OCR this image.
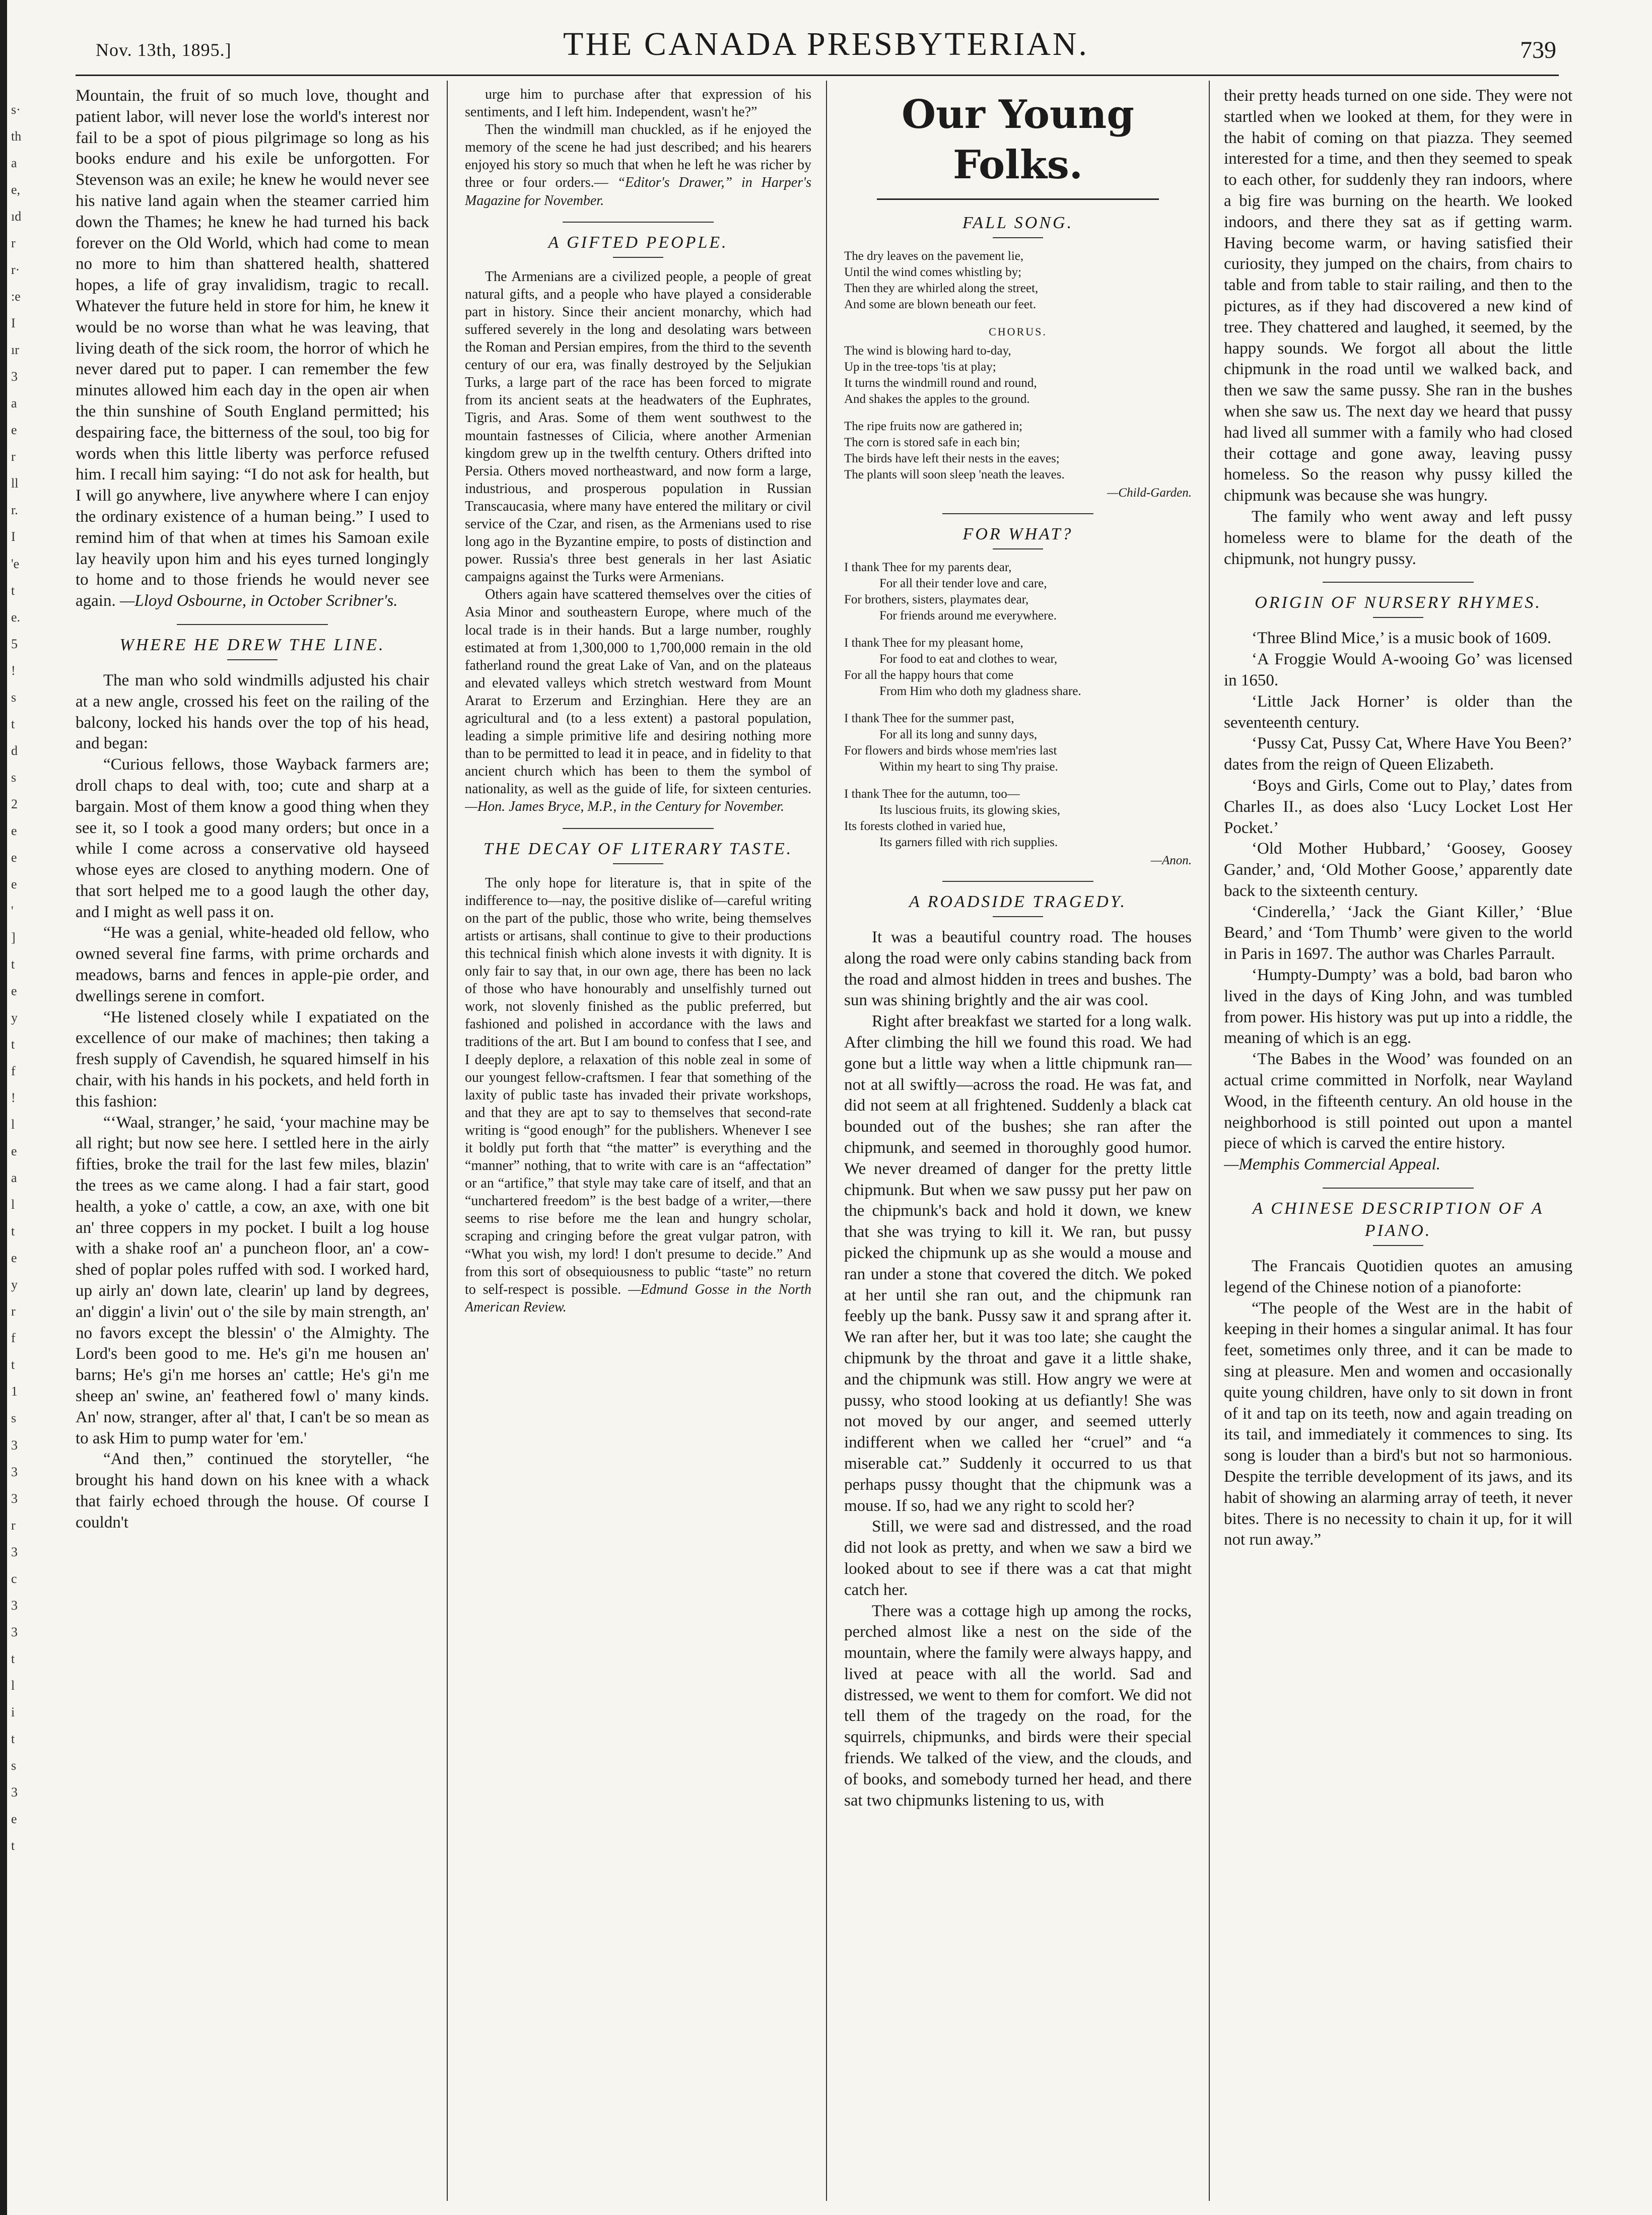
s·
th
a
e,
ıd
r
r·
:e
I
ır
3
a
e
r
ll
r.
I
'e
t
e.
5
!
s
t
d
s
2
e
e
e
'
]
t
e
y
t
f
!
l
e
a
l
t
e
y
r
f
t
1
s
3
3
3
r
3
c
3
3
t
l
i
t
s
3
e
t
Nov. 13th, 1895.]	THE CANADA PRESBYTERIAN.	739

Mountain, the fruit of so much love, thought and patient labor, will never lose the world's interest nor fail to be a spot of pious pilgrimage so long as his books endure and his exile be unforgotten. For Stevenson was an exile; he knew he would never see his native land again when the steamer carried him down the Thames; he knew he had turned his back forever on the Old World, which had come to mean no more to him than shattered health, shattered hopes, a life of gray invalidism, tragic to recall. Whatever the future held in store for him, he knew it would be no worse than what he was leaving, that living death of the sick room, the horror of which he never dared put to paper. I can remember the few minutes allowed him each day in the open air when the thin sunshine of South England permitted; his despairing face, the bitterness of the soul, too big for words when this little liberty was perforce refused him. I recall him saying: “I do not ask for health, but I will go anywhere, live anywhere where I can enjoy the ordinary existence of a human being.” I used to remind him of that when at times his Samoan exile lay heavily upon him and his eyes turned longingly to home and to those friends he would never see again. —Lloyd Osbourne, in October Scribner's.

WHERE HE DREW THE LINE.

The man who sold windmills adjusted his chair at a new angle, crossed his feet on the railing of the balcony, locked his hands over the top of his head, and began:

“Curious fellows, those Wayback farmers are; droll chaps to deal with, too; cute and sharp at a bargain. Most of them know a good thing when they see it, so I took a good many orders; but once in a while I come across a conservative old hayseed whose eyes are closed to anything modern. One of that sort helped me to a good laugh the other day, and I might as well pass it on.

“He was a genial, white-headed old fellow, who owned several fine farms, with prime orchards and meadows, barns and fences in apple-pie order, and dwellings serene in comfort.

“He listened closely while I expatiated on the excellence of our make of machines; then taking a fresh supply of Cavendish, he squared himself in his chair, with his hands in his pockets, and held forth in this fashion:

“‘Waal, stranger,’ he said, ‘your machine may be all right; but now see here. I settled here in the airly fifties, broke the trail for the last few miles, blazin' the trees as we came along. I had a fair start, good health, a yoke o' cattle, a cow, an axe, with one bit an' three coppers in my pocket. I built a log house with a shake roof an' a puncheon floor, an' a cow-shed of poplar poles ruffed with sod. I worked hard, up airly an' down late, clearin' up land by degrees, an' diggin' a livin' out o' the sile by main strength, an' no favors except the blessin' o' the Almighty. The Lord's been good to me. He's gi'n me housen an' barns; He's gi'n me horses an' cattle; He's gi'n me sheep an' swine, an' feathered fowl o' many kinds. An' now, stranger, after al' that, I can't be so mean as to ask Him to pump water for 'em.'

“And then,” continued the storyteller, “he brought his hand down on his knee with a whack that fairly echoed through the house. Of course I couldn't

urge him to purchase after that expression of his sentiments, and I left him. Independent, wasn't he?”

Then the windmill man chuckled, as if he enjoyed the memory of the scene he had just described; and his hearers enjoyed his story so much that when he left he was richer by three or four orders.— “Editor's Drawer,” in Harper's Magazine for November.

A GIFTED PEOPLE.

The Armenians are a civilized people, a people of great natural gifts, and a people who have played a considerable part in history. Since their ancient monarchy, which had suffered severely in the long and desolating wars between the Roman and Persian empires, from the third to the seventh century of our era, was finally destroyed by the Seljukian Turks, a large part of the race has been forced to migrate from its ancient seats at the headwaters of the Euphrates, Tigris, and Aras. Some of them went southwest to the mountain fastnesses of Cilicia, where another Armenian kingdom grew up in the twelfth century. Others drifted into Persia. Others moved northeastward, and now form a large, industrious, and prosperous population in Russian Transcaucasia, where many have entered the military or civil service of the Czar, and risen, as the Armenians used to rise long ago in the Byzantine empire, to posts of distinction and power. Russia's three best generals in her last Asiatic campaigns against the Turks were Armenians.

Others again have scattered themselves over the cities of Asia Minor and southeastern Europe, where much of the local trade is in their hands. But a large number, roughly estimated at from 1,300,000 to 1,700,000 remain in the old fatherland round the great Lake of Van, and on the plateaus and elevated valleys which stretch westward from Mount Ararat to Erzerum and Erzinghian. Here they are an agricultural and (to a less extent) a pastoral population, leading a simple primitive life and desiring nothing more than to be permitted to lead it in peace, and in fidelity to that ancient church which has been to them the symbol of nationality, as well as the guide of life, for sixteen centuries. —Hon. James Bryce, M.P., in the Century for November.

THE DECAY OF LITERARY TASTE.

The only hope for literature is, that in spite of the indifference to—nay, the positive dislike of—careful writing on the part of the public, those who write, being themselves artists or artisans, shall continue to give to their productions this technical finish which alone invests it with dignity. It is only fair to say that, in our own age, there has been no lack of those who have honourably and unselfishly turned out work, not slovenly finished as the public preferred, but fashioned and polished in accordance with the laws and traditions of the art. But I am bound to confess that I see, and I deeply deplore, a relaxation of this noble zeal in some of our youngest fellow-craftsmen. I fear that something of the laxity of public taste has invaded their private workshops, and that they are apt to say to themselves that second-rate writing is “good enough” for the publishers. Whenever I see it boldly put forth that “the matter” is everything and the “manner” nothing, that to write with care is an “affectation” or an “artifice,” that style may take care of itself, and that an “unchartered freedom” is the best badge of a writer,—there seems to rise before me the lean and hungry scholar, scraping and cringing before the great vulgar patron, with “What you wish, my lord! I don't presume to decide.” And from this sort of obsequiousness to public “taste” no return to self-respect is possible. —Edmund Gosse in the North American Review.

Our Young Folks.

FALL SONG.

The dry leaves on the pavement lie,
Until the wind comes whistling by;
Then they are whirled along the street,
And some are blown beneath our feet.
CHORUS.
The wind is blowing hard to-day,
Up in the tree-tops 'tis at play;
It turns the windmill round and round,
And shakes the apples to the ground.
The ripe fruits now are gathered in;
The corn is stored safe in each bin;
The birds have left their nests in the eaves;
The plants will soon sleep 'neath the leaves.
—Child-Garden.

FOR WHAT?

I thank Thee for my parents dear,
For all their tender love and care,
For brothers, sisters, playmates dear,
For friends around me everywhere.
I thank Thee for my pleasant home,
For food to eat and clothes to wear,
For all the happy hours that come
From Him who doth my gladness share.
I thank Thee for the summer past,
For all its long and sunny days,
For flowers and birds whose mem'ries last
Within my heart to sing Thy praise.
I thank Thee for the autumn, too—
Its luscious fruits, its glowing skies,
Its forests clothed in varied hue,
Its garners filled with rich supplies.
—Anon.

A ROADSIDE TRAGEDY.

It was a beautiful country road. The houses along the road were only cabins standing back from the road and almost hidden in trees and bushes. The sun was shining brightly and the air was cool.

Right after breakfast we started for a long walk. After climbing the hill we found this road. We had gone but a little way when a little chipmunk ran—not at all swiftly—across the road. He was fat, and did not seem at all frightened. Suddenly a black cat bounded out of the bushes; she ran after the chipmunk, and seemed in thoroughly good humor. We never dreamed of danger for the pretty little chipmunk. But when we saw pussy put her paw on the chipmunk's back and hold it down, we knew that she was trying to kill it. We ran, but pussy picked the chipmunk up as she would a mouse and ran under a stone that covered the ditch. We poked at her until she ran out, and the chipmunk ran feebly up the bank. Pussy saw it and sprang after it. We ran after her, but it was too late; she caught the chipmunk by the throat and gave it a little shake, and the chipmunk was still. How angry we were at pussy, who stood looking at us defiantly! She was not moved by our anger, and seemed utterly indifferent when we called her “cruel” and “a miserable cat.” Suddenly it occurred to us that perhaps pussy thought that the chipmunk was a mouse. If so, had we any right to scold her?

Still, we were sad and distressed, and the road did not look as pretty, and when we saw a bird we looked about to see if there was a cat that might catch her.

There was a cottage high up among the rocks, perched almost like a nest on the side of the mountain, where the family were always happy, and lived at peace with all the world. Sad and distressed, we went to them for comfort. We did not tell them of the tragedy on the road, for the squirrels, chipmunks, and birds were their special friends. We talked of the view, and the clouds, and of books, and somebody turned her head, and there sat two chipmunks listening to us, with

their pretty heads turned on one side. They were not startled when we looked at them, for they were in the habit of coming on that piazza. They seemed interested for a time, and then they seemed to speak to each other, for suddenly they ran indoors, where a big fire was burning on the hearth. We looked indoors, and there they sat as if getting warm. Having become warm, or having satisfied their curiosity, they jumped on the chairs, from chairs to table and from table to stair railing, and then to the pictures, as if they had discovered a new kind of tree. They chattered and laughed, it seemed, by the happy sounds. We forgot all about the little chipmunk in the road until we walked back, and then we saw the same pussy. She ran in the bushes when she saw us. The next day we heard that pussy had lived all summer with a family who had closed their cottage and gone away, leaving pussy homeless. So the reason why pussy killed the chipmunk was because she was hungry.

The family who went away and left pussy homeless were to blame for the death of the chipmunk, not hungry pussy.

ORIGIN OF NURSERY RHYMES.

‘Three Blind Mice,’ is a music book of 1609.

‘A Froggie Would A-wooing Go’ was licensed in 1650.

‘Little Jack Horner’ is older than the seventeenth century.

‘Pussy Cat, Pussy Cat, Where Have You Been?’ dates from the reign of Queen Elizabeth.

‘Boys and Girls, Come out to Play,’ dates from Charles II., as does also ‘Lucy Locket Lost Her Pocket.’

‘Old Mother Hubbard,’ ‘Goosey, Goosey Gander,’ and, ‘Old Mother Goose,’ apparently date back to the sixteenth century.

‘Cinderella,’ ‘Jack the Giant Killer,’ ‘Blue Beard,’ and ‘Tom Thumb’ were given to the world in Paris in 1697. The author was Charles Parrault.

‘Humpty-Dumpty’ was a bold, bad baron who lived in the days of King John, and was tumbled from power. His history was put up into a riddle, the meaning of which is an egg.

‘The Babes in the Wood’ was founded on an actual crime committed in Norfolk, near Wayland Wood, in the fifteenth century. An old house in the neighborhood is still pointed out upon a mantel piece of which is carved the entire history.

—Memphis Commercial Appeal.

A CHINESE DESCRIPTION OF A PIANO.

The Francais Quotidien quotes an amusing legend of the Chinese notion of a pianoforte:

“The people of the West are in the habit of keeping in their homes a singular animal. It has four feet, sometimes only three, and it can be made to sing at pleasure. Men and women and occasionally quite young children, have only to sit down in front of it and tap on its teeth, now and again treading on its tail, and immediately it commences to sing. Its song is louder than a bird's but not so harmonious. Despite the terrible development of its jaws, and its habit of showing an alarming array of teeth, it never bites. There is no necessity to chain it up, for it will not run away.”
